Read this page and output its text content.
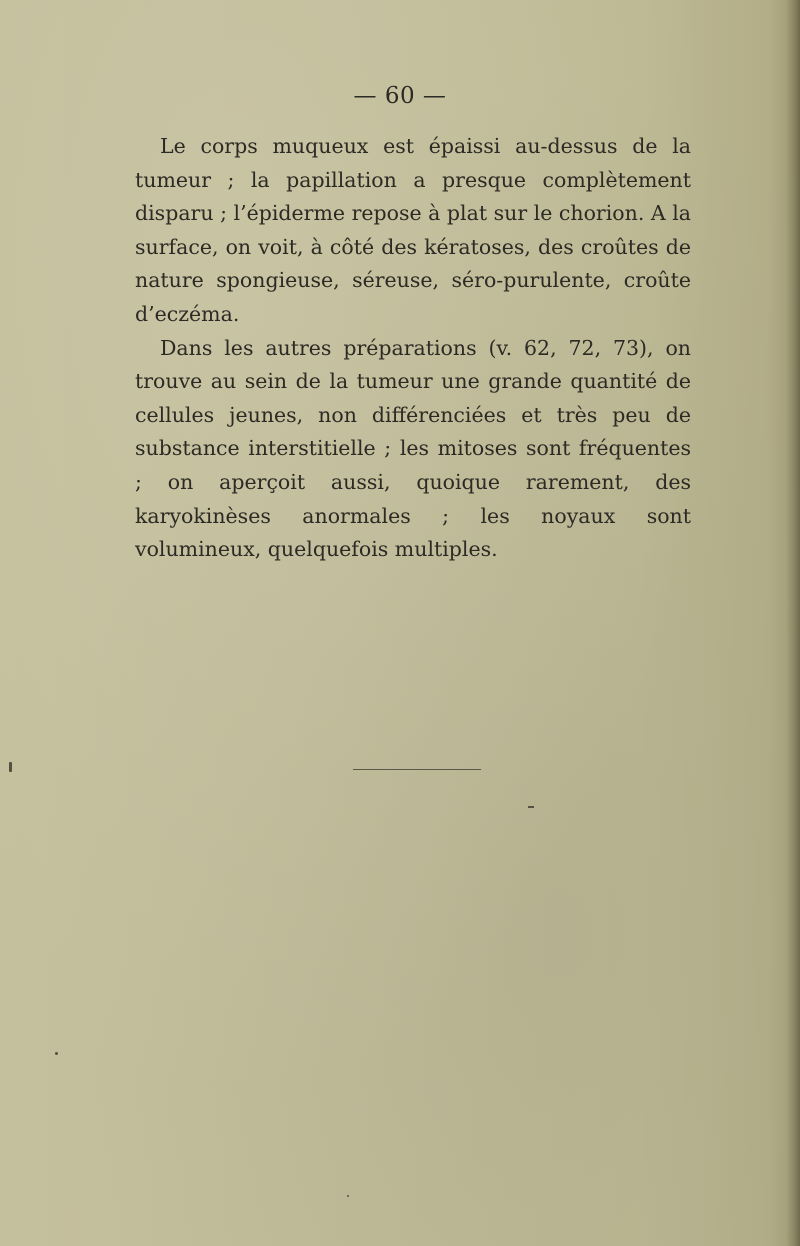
— 60 —

Le corps muqueux est épaissi au-dessus de la tumeur ; la papillation a presque complètement disparu ; l’épiderme repose à plat sur le chorion. A la surface, on voit, à côté des kératoses, des croûtes de nature spongieuse, séreuse, séro-purulente, croûte d’eczéma.

Dans les autres préparations (v. 62, 72, 73), on trouve au sein de la tumeur une grande quantité de cellules jeunes, non différenciées et très peu de substance interstitielle ; les mitoses sont fréquentes ; on aperçoit aussi, quoique rarement, des karyokinèses anormales ; les noyaux sont volumineux, quelquefois multiples.
